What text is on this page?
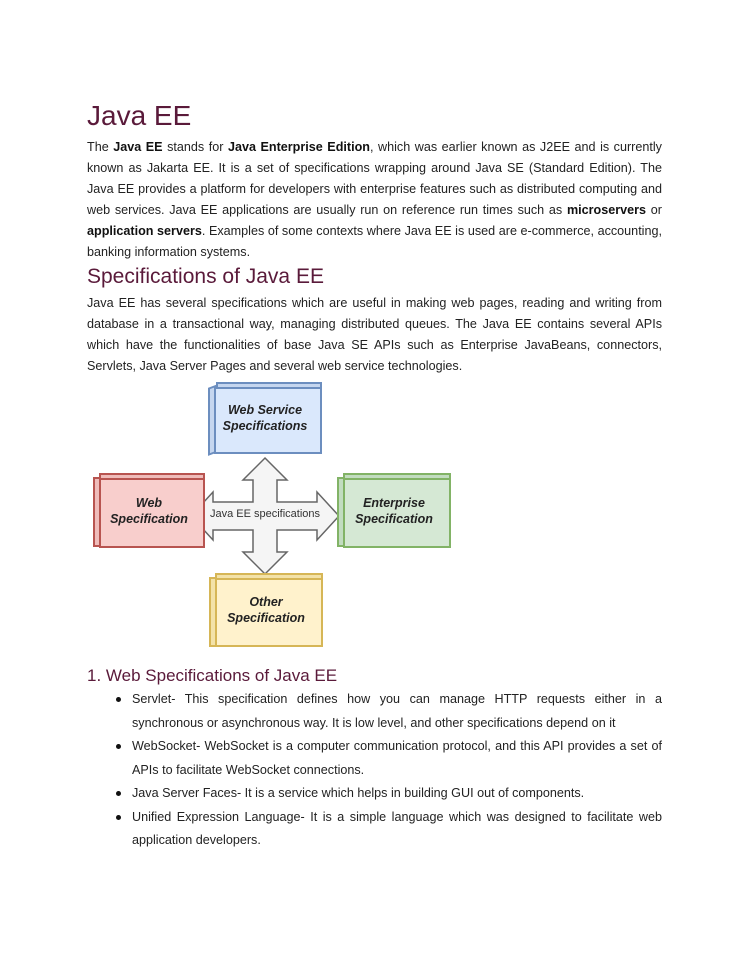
Java EE

The Java EE stands for Java Enterprise Edition, which was earlier known as J2EE and is currently known as Jakarta EE. It is a set of specifications wrapping around Java SE (Standard Edition). The Java EE provides a platform for developers with enterprise features such as distributed computing and web services. Java EE applications are usually run on reference run times such as microservers or application servers. Examples of some contexts where Java EE is used are e-commerce, accounting, banking information systems.

Specifications of Java EE

Java EE has several specifications which are useful in making web pages, reading and writing from database in a transactional way, managing distributed queues. The Java EE contains several APIs which have the functionalities of base Java SE APIs such as Enterprise JavaBeans, connectors, Servlets, Java Server Pages and several web service technologies.

Java EE specifications
Web Service
Specifications
Web
Specification
Enterprise
Specification
Other
Specification
1. Web Specifications of Java EE
Servlet- This specification defines how you can manage HTTP requests either in a synchronous or asynchronous way. It is low level, and other specifications depend on it
WebSocket- WebSocket is a computer communication protocol, and this API provides a set of APIs to facilitate WebSocket connections.
Java Server Faces- It is a service which helps in building GUI out of components.
Unified Expression Language- It is a simple language which was designed to facilitate web application developers.
